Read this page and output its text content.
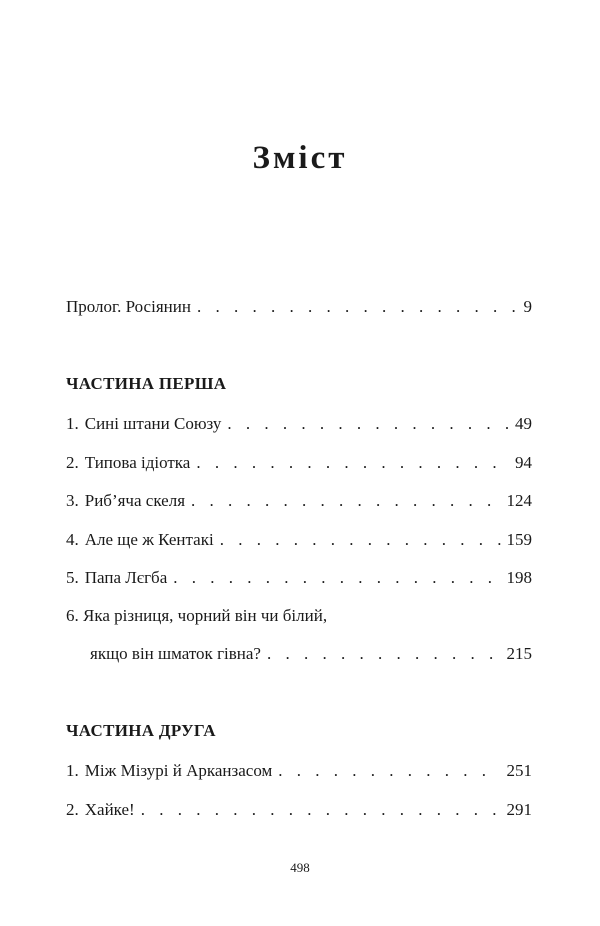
Зміст
Пролог. Росіянин . . .	9
ЧАСТИНА ПЕРША
1. Сині штани Союзу . . .	49
2. Типова ідіотка . . .	94
3. Риб’яча скеля . . .	124
4. Але ще ж Кентакі . . .	159
5. Папа Лєгба . . .	198
6. Яка різниця, чорний він чи білий,
якщо він шматок гівна? . . .	215
ЧАСТИНА ДРУГА
1. Між Мізурі й Арканзасом . . .	251
2. Хайке! . . .	291
498
